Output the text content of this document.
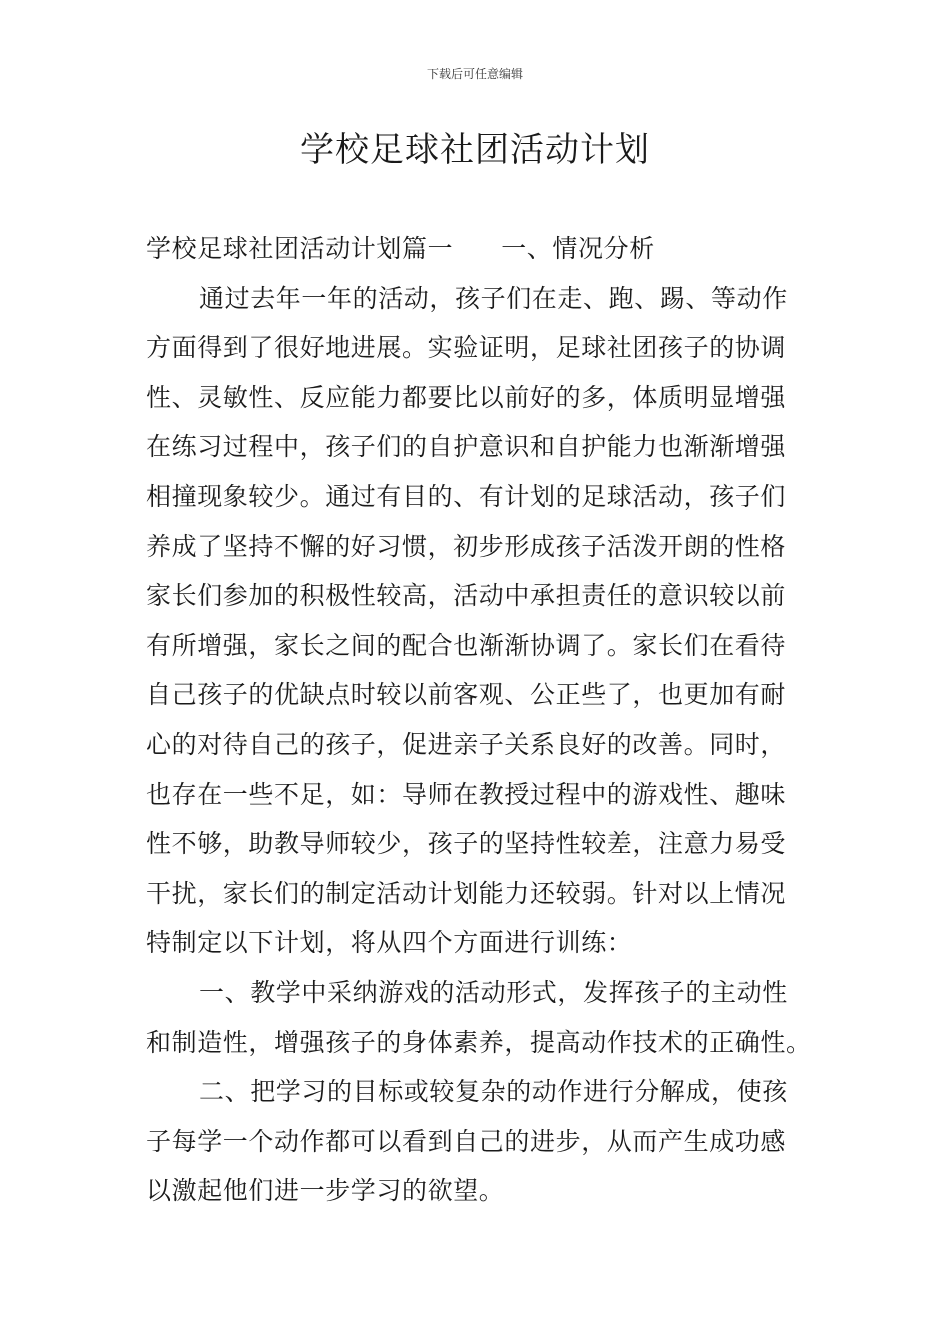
下载后可任意编辑
学校足球社团活动计划
学校足球社团活动计划篇一 一、情况分析
通过去年一年的活动，孩子们在走、跑、踢、等动作
方面得到了很好地进展。实验证明，足球社团孩子的协调
性、灵敏性、反应能力都要比以前好的多，体质明显增强
在练习过程中，孩子们的自护意识和自护能力也渐渐增强
相撞现象较少。通过有目的、有计划的足球活动，孩子们
养成了坚持不懈的好习惯，初步形成孩子活泼开朗的性格
家长们参加的积极性较高，活动中承担责任的意识较以前
有所增强，家长之间的配合也渐渐协调了。家长们在看待
自己孩子的优缺点时较以前客观、公正些了，也更加有耐
心的对待自己的孩子，促进亲子关系良好的改善。同时，
也存在一些不足，如：导师在教授过程中的游戏性、趣味
性不够，助教导师较少，孩子的坚持性较差，注意力易受
干扰，家长们的制定活动计划能力还较弱。针对以上情况
特制定以下计划，将从四个方面进行训练：
一、教学中采纳游戏的活动形式，发挥孩子的主动性
和制造性，增强孩子的身体素养，提高动作技术的正确性。
二、把学习的目标或较复杂的动作进行分解成，使孩
子每学一个动作都可以看到自己的进步，从而产生成功感
以激起他们进一步学习的欲望。
